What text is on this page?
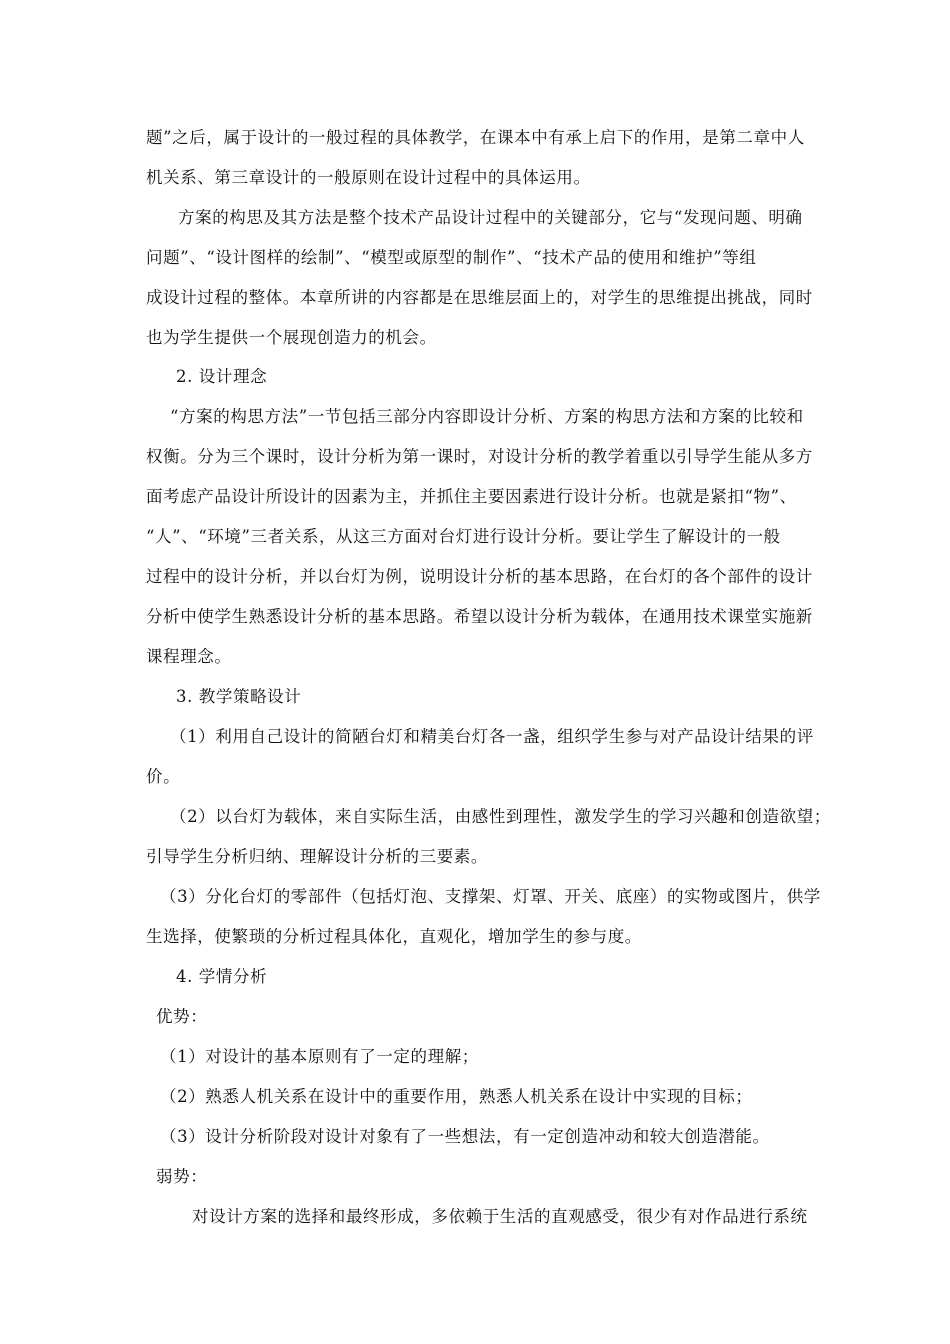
题”之后，属于设计的一般过程的具体教学，在课本中有承上启下的作用，是第二章中人
机关系、第三章设计的一般原则在设计过程中的具体运用。
方案的构思及其方法是整个技术产品设计过程中的关键部分，它与“发现问题、明确
问题”、“设计图样的绘制”、“模型或原型的制作”、“技术产品的使用和维护”等组
成设计过程的整体。本章所讲的内容都是在思维层面上的，对学生的思维提出挑战，同时
也为学生提供一个展现创造力的机会。
2. 设计理念
“方案的构思方法”一节包括三部分内容即设计分析、方案的构思方法和方案的比较和
权衡。分为三个课时，设计分析为第一课时，对设计分析的教学着重以引导学生能从多方
面考虑产品设计所设计的因素为主，并抓住主要因素进行设计分析。也就是紧扣“物”、
“人”、“环境”三者关系，从这三方面对台灯进行设计分析。要让学生了解设计的一般
过程中的设计分析，并以台灯为例，说明设计分析的基本思路，在台灯的各个部件的设计
分析中使学生熟悉设计分析的基本思路。希望以设计分析为载体，在通用技术课堂实施新
课程理念。
3. 教学策略设计
（1）利用自己设计的简陋台灯和精美台灯各一盏，组织学生参与对产品设计结果的评
价。
（2）以台灯为载体，来自实际生活，由感性到理性，激发学生的学习兴趣和创造欲望；
引导学生分析归纳、理解设计分析的三要素。
（3）分化台灯的零部件（包括灯泡、支撑架、灯罩、开关、底座）的实物或图片，供学
生选择，使繁琐的分析过程具体化，直观化，增加学生的参与度。
4. 学情分析
优势：
（1）对设计的基本原则有了一定的理解；
（2）熟悉人机关系在设计中的重要作用，熟悉人机关系在设计中实现的目标；
（3）设计分析阶段对设计对象有了一些想法，有一定创造冲动和较大创造潜能。
弱势：
对设计方案的选择和最终形成，多依赖于生活的直观感受，很少有对作品进行系统
